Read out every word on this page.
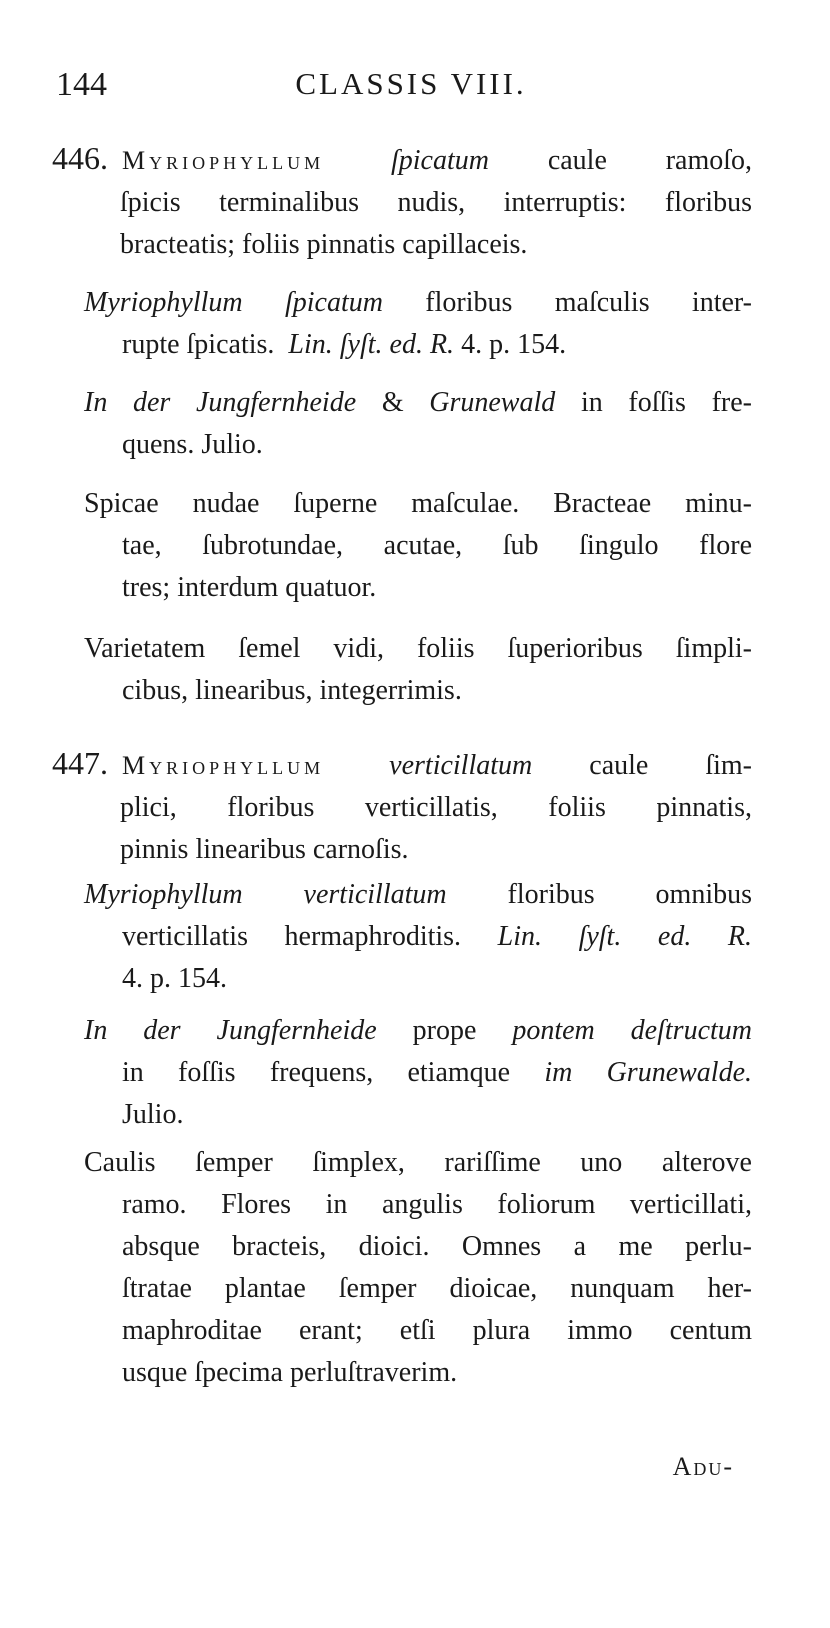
144	CLASSIS VIII.
446. Myriophyllum ſpicatum caule ramoſo,
ſpicis terminalibus nudis, interruptis: floribus
bracteatis; foliis pinnatis capillaceis.
Myriophyllum ſpicatum floribus maſculis inter-
rupte ſpicatis. Lin. ſyſt. ed. R. 4. p. 154.
In der Jungfernheide & Grunewald in foſſis fre-
quens. Julio.
Spicae nudae ſuperne maſculae. Bracteae minu-
tae, ſubrotundae, acutae, ſub ſingulo flore
tres; interdum quatuor.
Varietatem ſemel vidi, foliis ſuperioribus ſimpli-
cibus, linearibus, integerrimis.
447. Myriophyllum verticillatum caule ſim-
plici, floribus verticillatis, foliis pinnatis,
pinnis linearibus carnoſis.
Myriophyllum verticillatum floribus omnibus
verticillatis hermaphroditis. Lin. ſyſt. ed. R.
4. p. 154.
In der Jungfernheide prope pontem deſtructum
in foſſis frequens, etiamque im Grunewalde.
Julio.
Caulis ſemper ſimplex, rariſſime uno alterove
ramo. Flores in angulis foliorum verticillati,
absque bracteis, dioici. Omnes a me perlu-
ſtratae plantae ſemper dioicae, nunquam her-
maphroditae erant; etſi plura immo centum
usque ſpecima perluſtraverim.
Adu-
